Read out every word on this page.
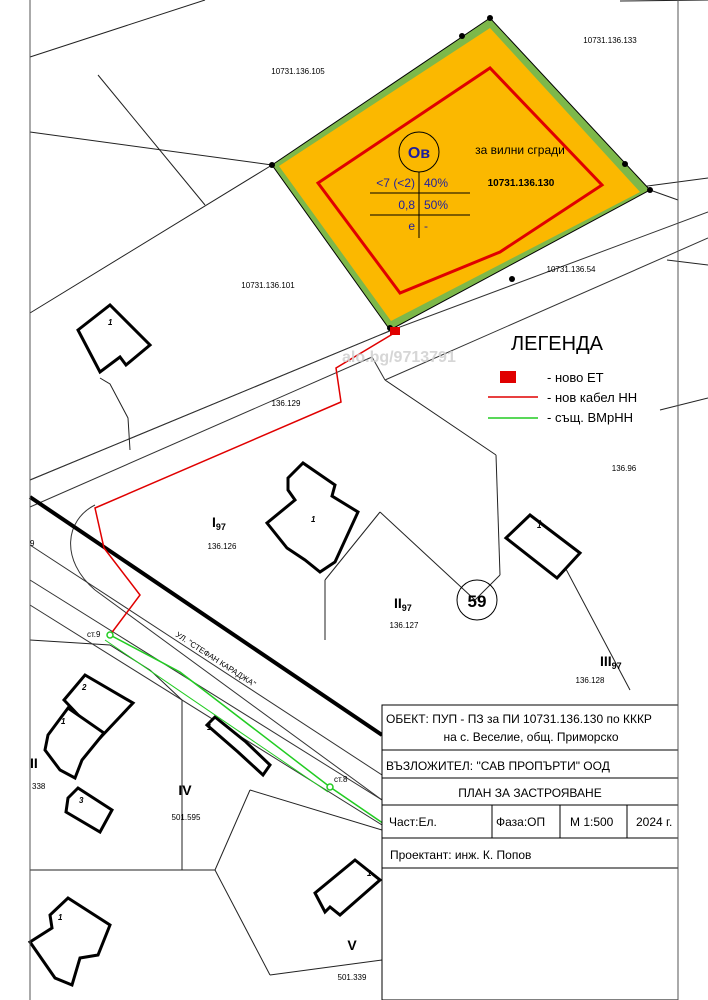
Ов
<7 (<2) 40%
0,8 50%
е -
за вилни сгради
10731.136.130
1
1
1
1
1
2
1
3
1
10731.136.105
10731.136.133
10731.136.101
10731.136.54
136.129
136.96
136.126
136.127
136.128
338
501.595
501.339
9
$I_{97}$
$II_{97}$
$III_{97}$
IV
V
II
59
УЛ. "СТЕФАН КАРАДЖА"
ст.9
ст.8
ЛЕГЕНДА
- ново ЕТ
- нов кабел НН
- същ. ВМрНН
alo.bg/9713791
ОБЕКТ: ПУП - ПЗ за ПИ 10731.136.130 по КККР
на с. Веселие, общ. Приморско
ВЪЗЛОЖИТЕЛ: "САВ ПРОПЪРТИ" ООД
ПЛАН ЗА ЗАСТРОЯВАНЕ
Част:Ел.	Фаза:ОП М 1:500 2024 г.
Проектант: инж. К. Попов
